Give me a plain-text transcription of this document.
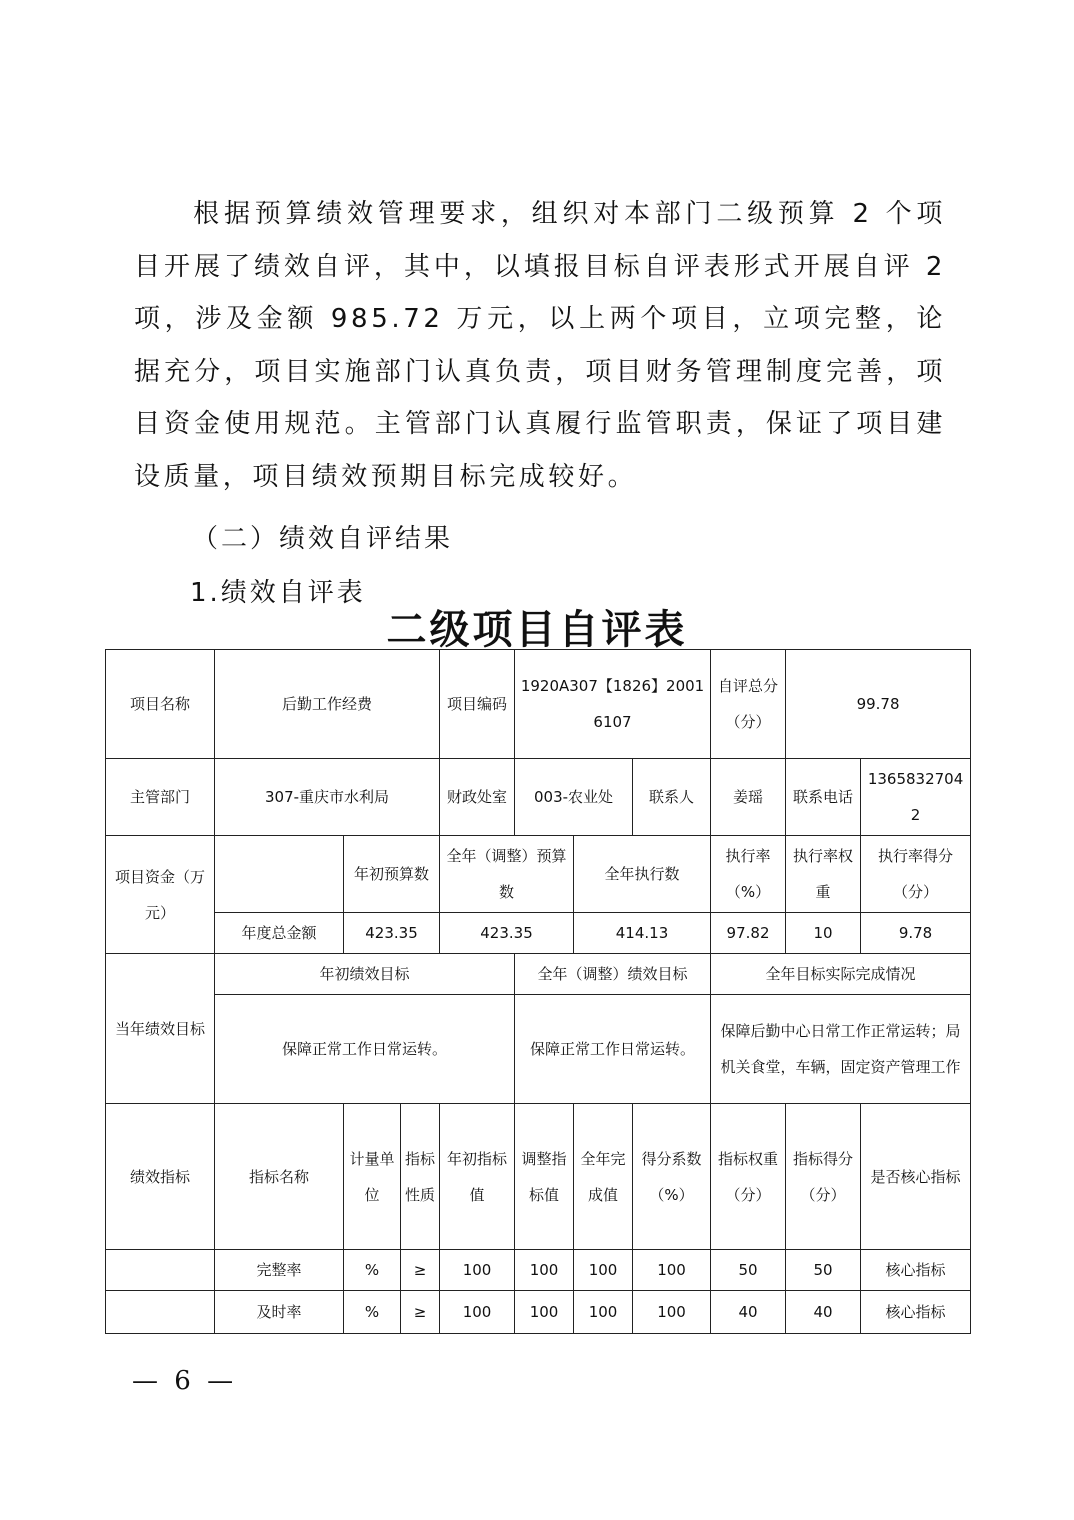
根据预算绩效管理要求，组织对本部门二级预算 2 个项目开展了绩效自评，其中，以填报目标自评表形式开展自评 2 项，涉及金额 985.72 万元，以上两个项目，立项完整，论据充分，项目实施部门认真负责，项目财务管理制度完善，项目资金使用规范。主管部门认真履行监管职责，保证了项目建设质量，项目绩效预期目标完成较好。

（二）绩效自评结果

1.绩效自评表

二级项目自评表
项目名称	后勤工作经费			项目编码	1920A307【1826】20016107			自评总分（分）	99.78	
主管部门	307-重庆市水利局			财政处室	003-农业处		联系人	姜瑶	联系电话	13658327042
项目资金（万元）		年初预算数		全年（调整）预算数		全年执行数		执行率（%）	执行率权重	执行率得分（分）
	年度总金额	423.35		423.35		414.13		97.82	10	9.78
当年绩效目标	年初绩效目标				全年（调整）绩效目标			全年目标实际完成情况		
	保障正常工作日常运转。				保障正常工作日常运转。			保障后勤中心日常工作正常运转；局机关食堂，车辆，固定资产管理工作		
绩效指标	指标名称	计量单位	指标性质	年初指标值	调整指标值	全年完成值	得分系数（%）	指标权重（分）	指标得分（分）	是否核心指标
	完整率	%	≥	100	100	100	100	50	50	核心指标
	及时率	%	≥	100	100	100	100	40	40	核心指标

— 6 —
